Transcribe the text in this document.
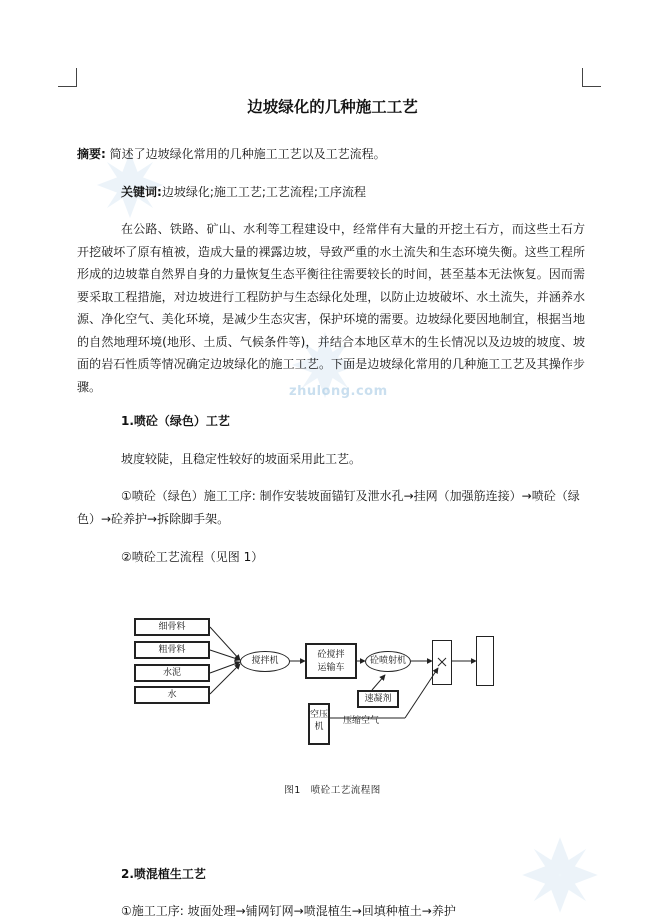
zhulong.com
边坡绿化的几种施工工艺
摘要: 简述了边坡绿化常用的几种施工工艺以及工艺流程。
关键词:边坡绿化;施工工艺;工艺流程;工序流程
在公路、铁路、矿山、水利等工程建设中，经常伴有大量的开挖土石方，而这些土石方开挖破坏了原有植被，造成大量的裸露边坡，导致严重的水土流失和生态环境失衡。这些工程所形成的边坡靠自然界自身的力量恢复生态平衡往往需要较长的时间，甚至基本无法恢复。因而需要采取工程措施，对边坡进行工程防护与生态绿化处理，以防止边坡破坏、水土流失，并涵养水源、净化空气、美化环境，是减少生态灾害，保护环境的需要。边坡绿化要因地制宜，根据当地的自然地理环境(地形、土质、气候条件等)，并结合本地区草木的生长情况以及边坡的坡度、坡面的岩石性质等情况确定边坡绿化的施工工艺。下面是边坡绿化常用的几种施工工艺及其操作步骤。
1.喷砼（绿色）工艺
坡度较陡，且稳定性较好的坡面采用此工艺。
①喷砼（绿色）施工工序: 制作安装坡面锚钉及泄水孔→挂网（加强筋连接）→喷砼（绿色）→砼养护→拆除脚手架。
②喷砼工艺流程（见图 1）
细骨料
粗骨料
水泥
水
搅拌机
砼搅拌运输车
砼喷射机
速凝剂
空压机
压缩空气
图1　喷砼工艺流程图
2.喷混植生工艺
①施工工序: 坡面处理→铺网钉网→喷混植生→回填种植土→养护
